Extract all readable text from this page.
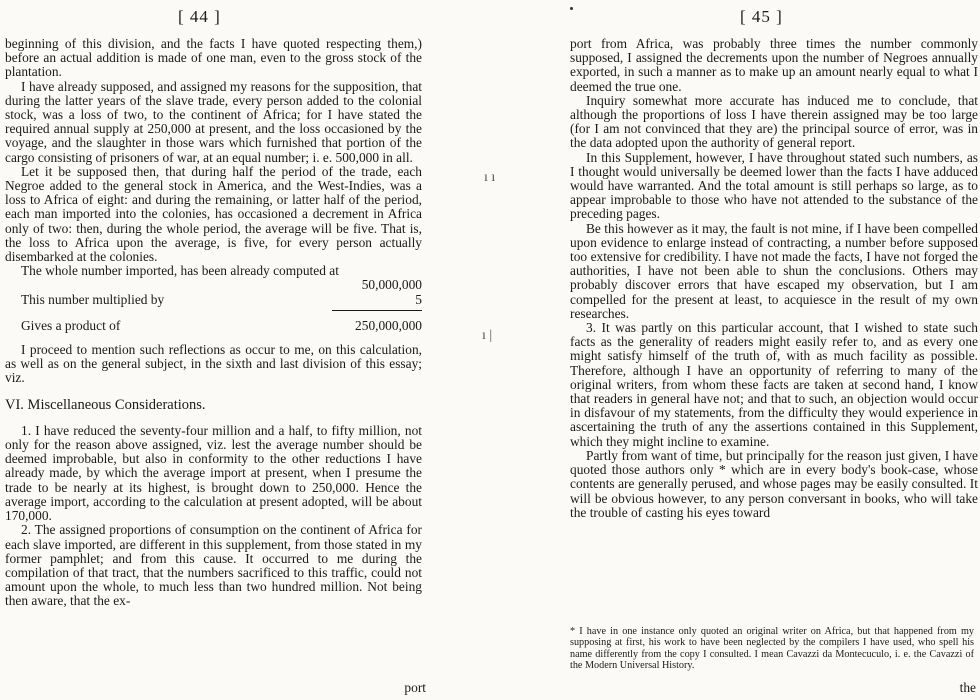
[ 44 ]

beginning of this division, and the facts I have quoted respecting them,) before an actual addition is made of one man, even to the gross stock of the plantation.

I have already supposed, and assigned my reasons for the supposition, that during the latter years of the slave trade, every person added to the colonial stock, was a loss of two, to the continent of Africa; for I have stated the required annual supply at 250,000 at present, and the loss occasioned by the voyage, and the slaughter in those wars which furnished that portion of the cargo consisting of prisoners of war, at an equal number; i. e. 500,000 in all.

Let it be supposed then, that during half the period of the trade, each Negroe added to the general stock in America, and the West-Indies, was a loss to Africa of eight: and during the remaining, or latter half of the period, each man imported into the colonies, has occasioned a decrement in Africa only of two: then, during the whole period, the average will be five. That is, the loss to Africa upon the average, is five, for every person actually disembarked at the colonies.

The whole number imported, has been already computed at

50,000,000
This number multiplied by	5
Gives a product of	250,000,000

I proceed to mention such reflections as occur to me, on this calculation, as well as on the general subject, in the sixth and last division of this essay; viz.

VI. Miscellaneous Considerations.

1. I have reduced the seventy-four million and a half, to fifty million, not only for the reason above assigned, viz. lest the average number should be deemed improbable, but also in conformity to the other reductions I have already made, by which the average import at present, when I presume the trade to be nearly at its highest, is brought down to 250,000. Hence the average import, according to the calculation at present adopted, will be about 170,000.

2. The assigned proportions of consumption on the continent of Africa for each slave imported, are different in this supplement, from those stated in my former pamphlet; and from this cause. It occurred to me during the compilation of that tract, that the numbers sacrificed to this traffic, could not amount upon the whole, to much less than two hundred million. Not being then aware, that the ex-

port
ı ı
ı |
[ 45 ]

port from Africa, was probably three times the number commonly supposed, I assigned the decrements upon the number of Negroes annually exported, in such a manner as to make up an amount nearly equal to what I deemed the true one.

Inquiry somewhat more accurate has induced me to conclude, that although the proportions of loss I have therein assigned may be too large (for I am not convinced that they are) the principal source of error, was in the data adopted upon the authority of general report.

In this Supplement, however, I have throughout stated such numbers, as I thought would universally be deemed lower than the facts I have adduced would have warranted. And the total amount is still perhaps so large, as to appear improbable to those who have not attended to the substance of the preceding pages.

Be this however as it may, the fault is not mine, if I have been compelled upon evidence to enlarge instead of contracting, a number before supposed too extensive for credibility. I have not made the facts, I have not forged the authorities, I have not been able to shun the conclusions. Others may probably discover errors that have escaped my observation, but I am compelled for the present at least, to acquiesce in the result of my own researches.

3. It was partly on this particular account, that I wished to state such facts as the generality of readers might easily refer to, and as every one might satisfy himself of the truth of, with as much facility as possible. Therefore, although I have an opportunity of referring to many of the original writers, from whom these facts are taken at second hand, I know that readers in general have not; and that to such, an objection would occur in disfavour of my statements, from the difficulty they would experience in ascertaining the truth of any the assertions contained in this Supplement, which they might incline to examine.

Partly from want of time, but principally for the reason just given, I have quoted those authors only * which are in every body's book-case, whose contents are generally perused, and whose pages may be easily consulted. It will be obvious however, to any person conversant in books, who will take the trouble of casting his eyes toward

* I have in one instance only quoted an original writer on Africa, but that happened from my supposing at first, his work to have been neglected by the compilers I have used, who spell his name differently from the copy I consulted. I mean Cavazzi da Montecuculo, i. e. the Cavazzi of the Modern Universal History.
the
